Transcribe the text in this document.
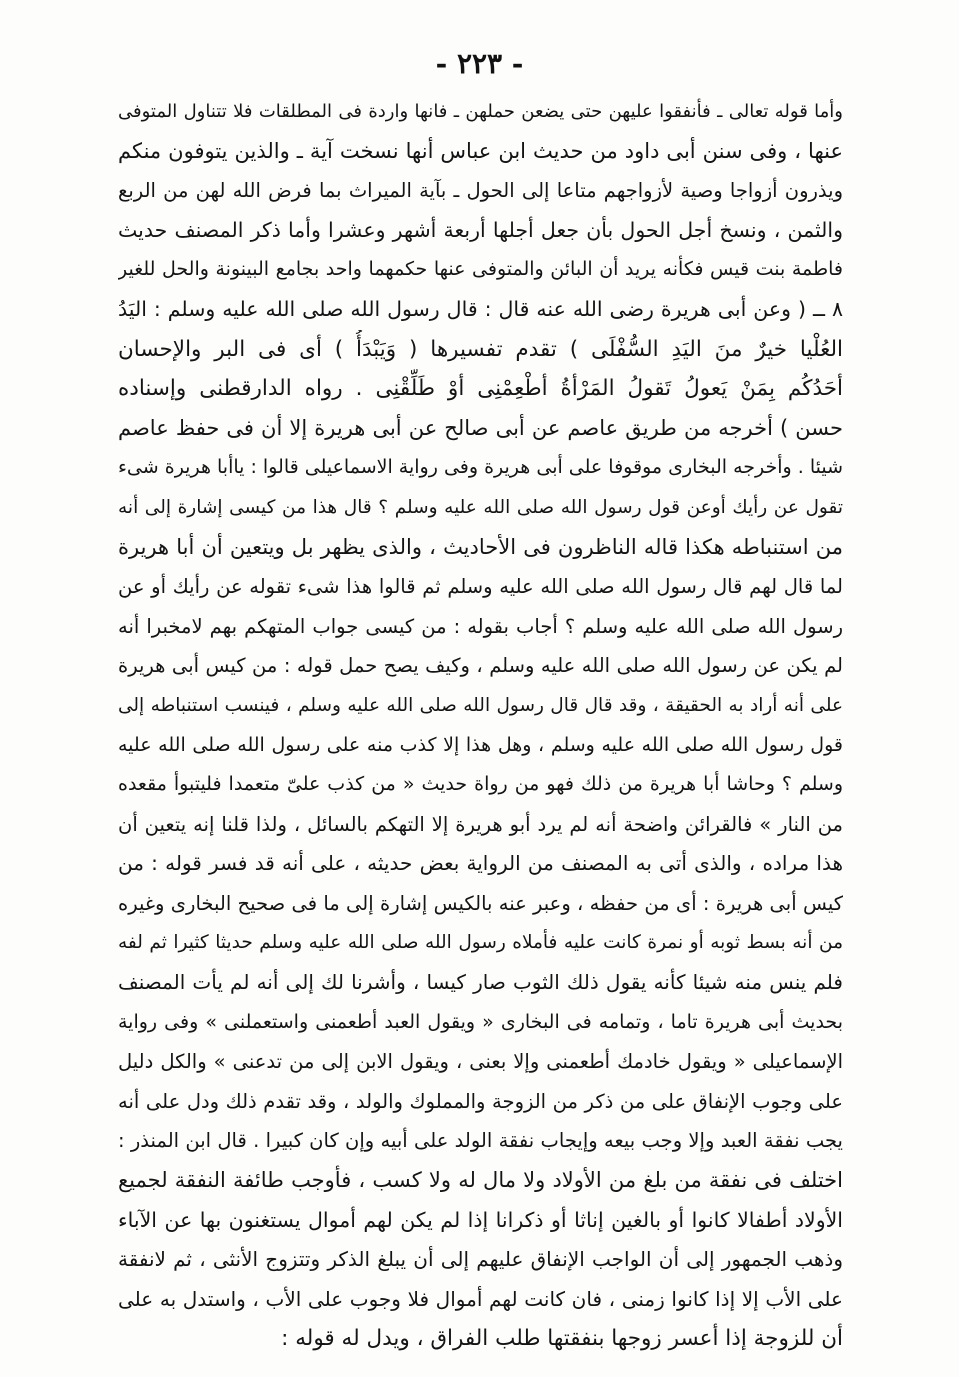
- ٢٢٣ -
وأما قوله تعالى ـ فأنفقوا عليهن حتى يضعن حملهن ـ فانها واردة فى المطلقات فلا تتناول المتوفى
عنها ، وفى سنن أبى داود من حديث ابن عباس أنها نسخت آية ـ والذين يتوفون منكم
ويذرون أزواجا وصية لأزواجهم متاعا إلى الحول ـ بآية الميراث بما فرض الله لهن من الربع
والثمن ، ونسخ أجل الحول بأن جعل أجلها أربعة أشهر وعشرا وأما ذكر المصنف حديث
فاطمة بنت قيس فكأنه يريد أن البائن والمتوفى عنها حكمهما واحد بجامع البينونة والحل للغير
٨ ــ ( وعن أبى هريرة رضى الله عنه قال : قال رسول الله صلى الله عليه وسلم : اليَدُ
العُلْيا خيرٌ منَ اليَدِ السُّفْلَى ) تقدم تفسيرها ( وَيَبْدَأُ ) أى فى البر والإحسان
أحَدُكُم بِمَنْ يَعولُ تَقولُ المَرْأةُ أطْعِمْنِى أوْ طَلِّقْنِى . رواه الدارقطنى وإسناده
حسن ) أخرجه من طريق عاصم عن أبى صالح عن أبى هريرة إلا أن فى حفظ عاصم
شيئا . وأخرجه البخارى موقوفا على أبى هريرة وفى رواية الاسماعيلى قالوا : ياأبا هريرة شىء
تقول عن رأيك أوعن قول رسول الله صلى الله عليه وسلم ؟ قال هذا من كيسى إشارة إلى أنه
من استنباطه هكذا قاله الناظرون فى الأحاديث ، والذى يظهر بل ويتعين أن أبا هريرة
لما قال لهم قال رسول الله صلى الله عليه وسلم ثم قالوا هذا شىء تقوله عن رأيك أو عن
رسول الله صلى الله عليه وسلم ؟ أجاب بقوله : من كيسى جواب المتهكم بهم لامخبرا أنه
لم يكن عن رسول الله صلى الله عليه وسلم ، وكيف يصح حمل قوله : من كيس أبى هريرة
على أنه أراد به الحقيقة ، وقد قال قال رسول الله صلى الله عليه وسلم ، فينسب استنباطه إلى
قول رسول الله صلى الله عليه وسلم ، وهل هذا إلا كذب منه على رسول الله صلى الله عليه
وسلم ؟ وحاشا أبا هريرة من ذلك فهو من رواة حديث « من كذب علىّ متعمدا فليتبوأ مقعده
من النار » فالقرائن واضحة أنه لم يرد أبو هريرة إلا التهكم بالسائل ، ولذا قلنا إنه يتعين أن
هذا مراده ، والذى أتى به المصنف من الرواية بعض حديثه ، على أنه قد فسر قوله : من
كيس أبى هريرة : أى من حفظه ، وعبر عنه بالكيس إشارة إلى ما فى صحيح البخارى وغيره
من أنه بسط ثوبه أو نمرة كانت عليه فأملاه رسول الله صلى الله عليه وسلم حديثا كثيرا ثم لفه
فلم ينس منه شيئا كأنه يقول ذلك الثوب صار كيسا ، وأشرنا لك إلى أنه لم يأت المصنف
بحديث أبى هريرة تاما ، وتمامه فى البخارى « ويقول العبد أطعمنى واستعملنى » وفى رواية
الإسماعيلى « ويقول خادمك أطعمنى وإلا بعنى ، ويقول الابن إلى من تدعنى » والكل دليل
على وجوب الإنفاق على من ذكر من الزوجة والمملوك والولد ، وقد تقدم ذلك ودل على أنه
يجب نفقة العبد وإلا وجب بيعه وإيجاب نفقة الولد على أبيه وإن كان كبيرا . قال ابن المنذر :
اختلف فى نفقة من بلغ من الأولاد ولا مال له ولا كسب ، فأوجب طائفة النفقة لجميع
الأولاد أطفالا كانوا أو بالغين إناثا أو ذكرانا إذا لم يكن لهم أموال يستغنون بها عن الآباء
وذهب الجمهور إلى أن الواجب الإنفاق عليهم إلى أن يبلغ الذكر وتتزوج الأنثى ، ثم لانفقة
على الأب إلا إذا كانوا زمنى ، فان كانت لهم أموال فلا وجوب على الأب ، واستدل به على
أن للزوجة إذا أعسر زوجها بنفقتها طلب الفراق ، ويدل له قوله :
